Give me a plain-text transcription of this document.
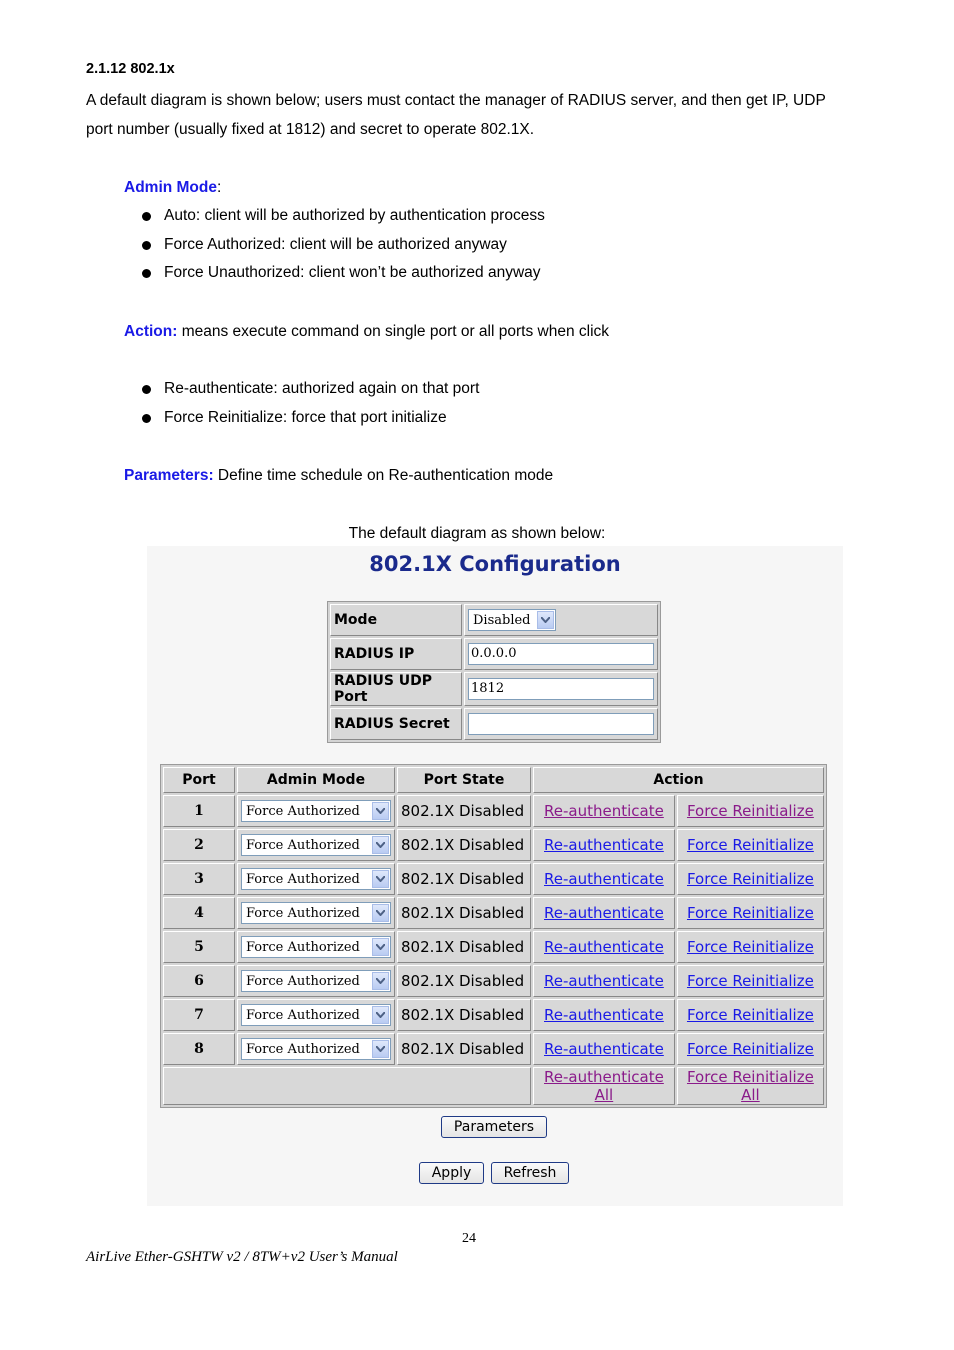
2.1.12 802.1x
A default diagram is shown below; users must contact the manager of RADIUS server, and then get IP, UDP
port number (usually fixed at 1812) and secret to operate 802.1X.
Admin Mode:
Auto: client will be authorized by authentication process
Force Authorized: client will be authorized anyway
Force Unauthorized: client won’t be authorized anyway
Action: means execute command on single port or all ports when click
Re-authenticate: authorized again on that port
Force Reinitialize: force that port initialize
Parameters: Define time schedule on Re-authentication mode
The default diagram as shown below:
802.1X Configuration
Mode	Disabled

RADIUS IP	0.0.0.0
RADIUS UDP Port	1812
RADIUS Secret	
Port	Admin Mode	Port State	Action	
1	Force Authorized	802.1X Disabled	Re-authenticate	Force Reinitialize
2	Force Authorized	802.1X Disabled	Re-authenticate	Force Reinitialize
3	Force Authorized	802.1X Disabled	Re-authenticate	Force Reinitialize
4	Force Authorized	802.1X Disabled	Re-authenticate	Force Reinitialize
5	Force Authorized	802.1X Disabled	Re-authenticate	Force Reinitialize
6	Force Authorized	802.1X Disabled	Re-authenticate	Force Reinitialize
7	Force Authorized	802.1X Disabled	Re-authenticate	Force Reinitialize
8	Force Authorized	802.1X Disabled	Re-authenticate	Force Reinitialize
			Re-authenticate All	Force Reinitialize All
Parameters
Apply	Refresh
24
AirLive Ether-GSHTW v2 / 8TW+v2 User’s Manual
